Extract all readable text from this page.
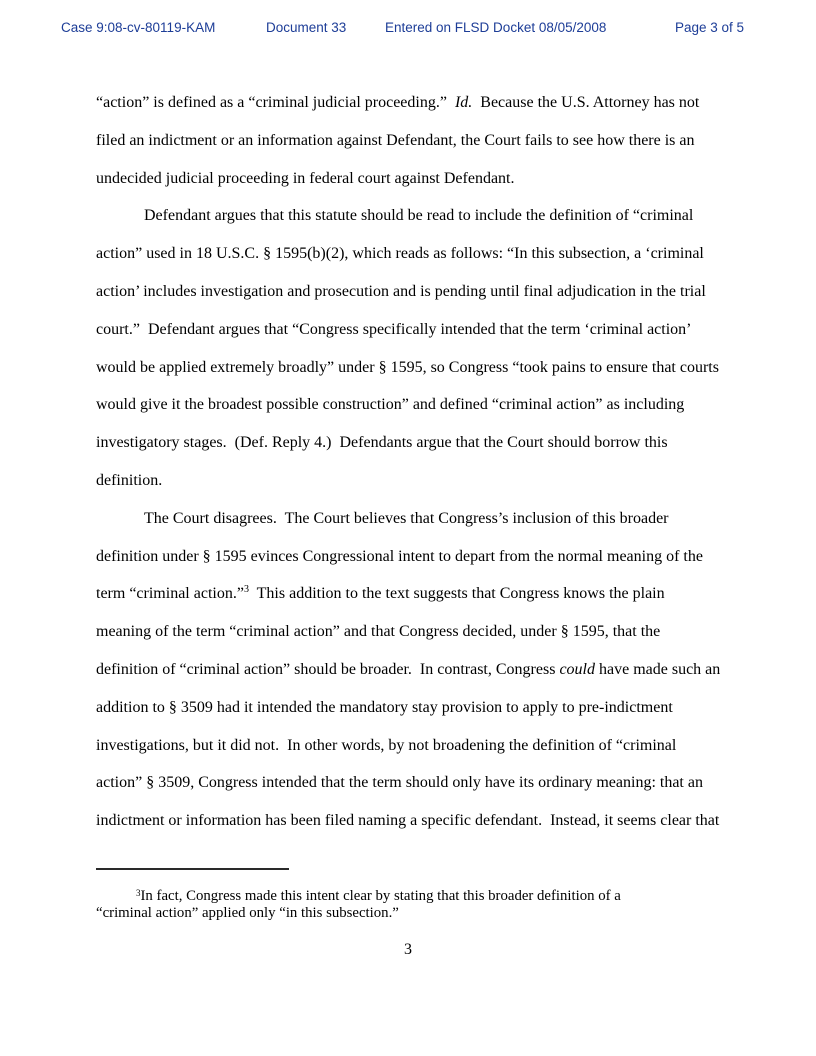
Case 9:08-cv-80119-KAM

	Document 33

	Entered on FLSD Docket 08/05/2008

	Page 3 of 5

“action” is defined as a “criminal judicial proceeding.”  Id.  Because the U.S. Attorney has not
filed an indictment or an information against Defendant, the Court fails to see how there is an
undecided judicial proceeding in federal court against Defendant.
Defendant argues that this statute should be read to include the definition of “criminal
action” used in 18 U.S.C. § 1595(b)(2), which reads as follows: “In this subsection, a ‘criminal
action’ includes investigation and prosecution and is pending until final adjudication in the trial
court.”  Defendant argues that “Congress specifically intended that the term ‘criminal action’
would be applied extremely broadly” under § 1595, so Congress “took pains to ensure that courts
would give it the broadest possible construction” and defined “criminal action” as including
investigatory stages.  (Def. Reply 4.)  Defendants argue that the Court should borrow this
definition.
The Court disagrees.  The Court believes that Congress’s inclusion of this broader
definition under § 1595 evinces Congressional intent to depart from the normal meaning of the
term “criminal action.”$^3$  This addition to the text suggests that Congress knows the plain
meaning of the term “criminal action” and that Congress decided, under § 1595, that the
definition of “criminal action” should be broader.  In contrast, Congress could have made such an
addition to § 3509 had it intended the mandatory stay provision to apply to pre-indictment
investigations, but it did not.  In other words, by not broadening the definition of “criminal
action” § 3509, Congress intended that the term should only have its ordinary meaning: that an
indictment or information has been filed naming a specific defendant.  Instead, it seems clear that
$^3$In fact, Congress made this intent clear by stating that this broader definition of a
“criminal action” applied only “in this subsection.”
3
